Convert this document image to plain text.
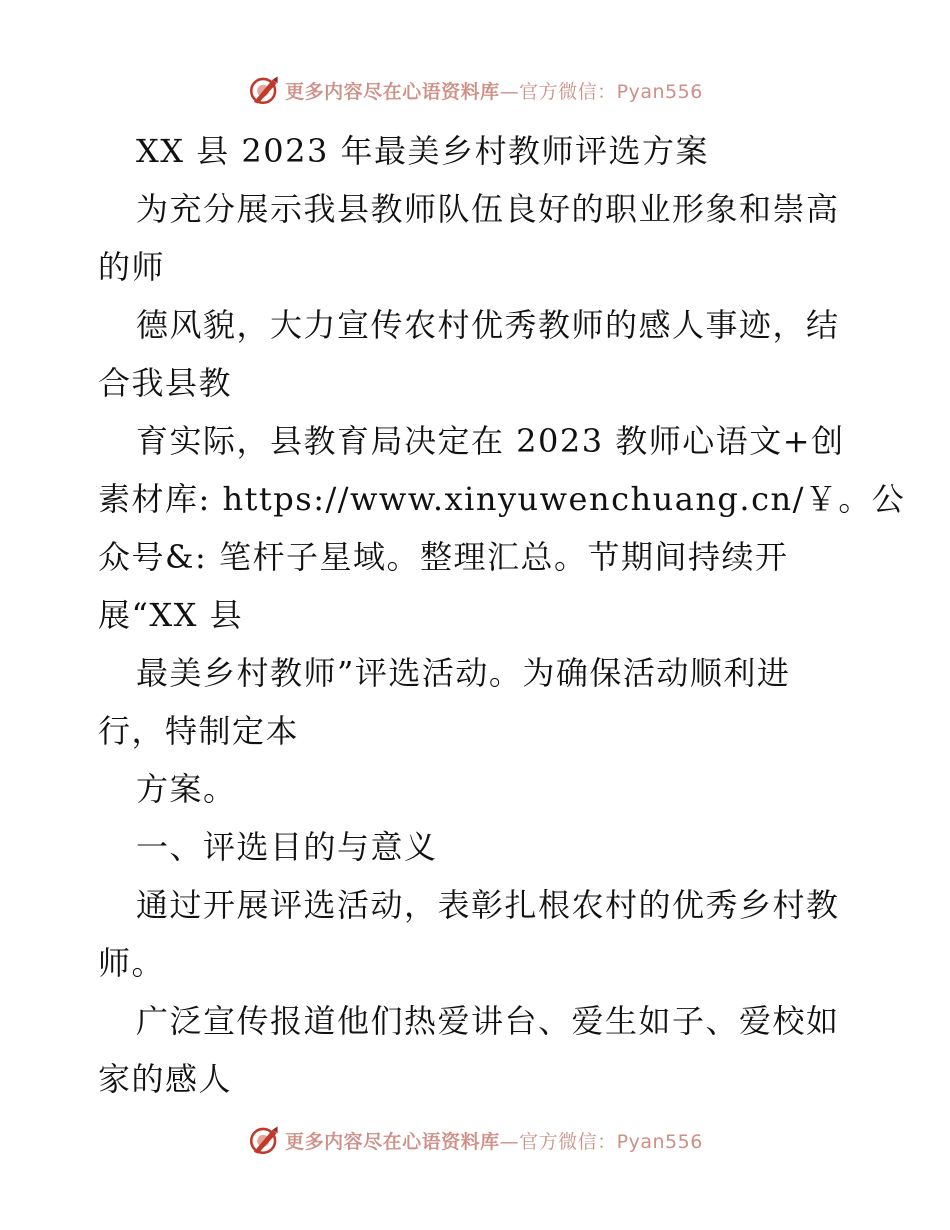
更多内容尽在心语资料库—官方微信：Pyan556
XX 县 2023 年最美乡村教师评选方案
为充分展示我县教师队伍良好的职业形象和崇高
的师
德风貌，大力宣传农村优秀教师的感人事迹，结
合我县教
育实际，县教育局决定在 2023 教师心语文+创
素材库: https://www.xinyuwenchuang.cn/￥。公
众号&: 笔杆子星域。整理汇总。节期间持续开
展“XX 县
最美乡村教师”评选活动。为确保活动顺利进
行，特制定本
方案。
一、评选目的与意义
通过开展评选活动，表彰扎根农村的优秀乡村教
师。
广泛宣传报道他们热爱讲台、爱生如子、爱校如
家的感人
更多内容尽在心语资料库—官方微信：Pyan556
